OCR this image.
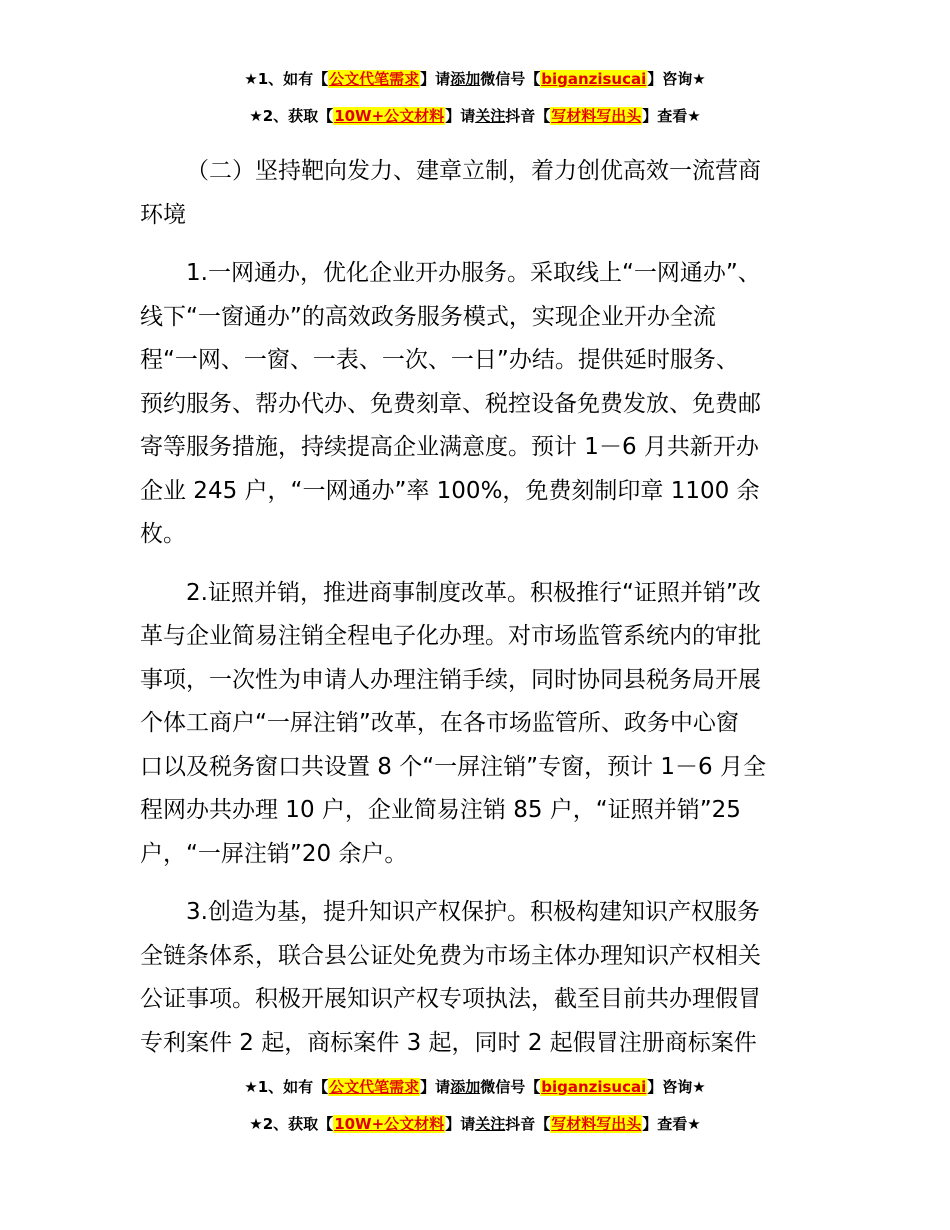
★1、如有【公文代笔需求】请添加微信号【biganzisucai】咨询★
★2、获取【10W+公文材料】请关注抖音【写材料写出头】查看★

（二）坚持靶向发力、建章立制，着力创优高效一流营商
环境

1.一网通办，优化企业开办服务。采取线上“一网通办”、
线下“一窗通办”的高效政务服务模式，实现企业开办全流
程“一网、一窗、一表、一次、一日”办结。提供延时服务、
预约服务、帮办代办、免费刻章、税控设备免费发放、免费邮
寄等服务措施，持续提高企业满意度。预计 1－6 月共新开办
企业 245 户，“一网通办”率 100%，免费刻制印章 1100 余
枚。

2.证照并销，推进商事制度改革。积极推行“证照并销”改
革与企业简易注销全程电子化办理。对市场监管系统内的审批
事项，一次性为申请人办理注销手续，同时协同县税务局开展
个体工商户“一屏注销”改革，在各市场监管所、政务中心窗
口以及税务窗口共设置 8 个“一屏注销”专窗，预计 1－6 月全
程网办共办理 10 户，企业简易注销 85 户，“证照并销”25
户，“一屏注销”20 余户。

3.创造为基，提升知识产权保护。积极构建知识产权服务
全链条体系，联合县公证处免费为市场主体办理知识产权相关
公证事项。积极开展知识产权专项执法，截至目前共办理假冒
专利案件 2 起，商标案件 3 起，同时 2 起假冒注册商标案件

★1、如有【公文代笔需求】请添加微信号【biganzisucai】咨询★
★2、获取【10W+公文材料】请关注抖音【写材料写出头】查看★
